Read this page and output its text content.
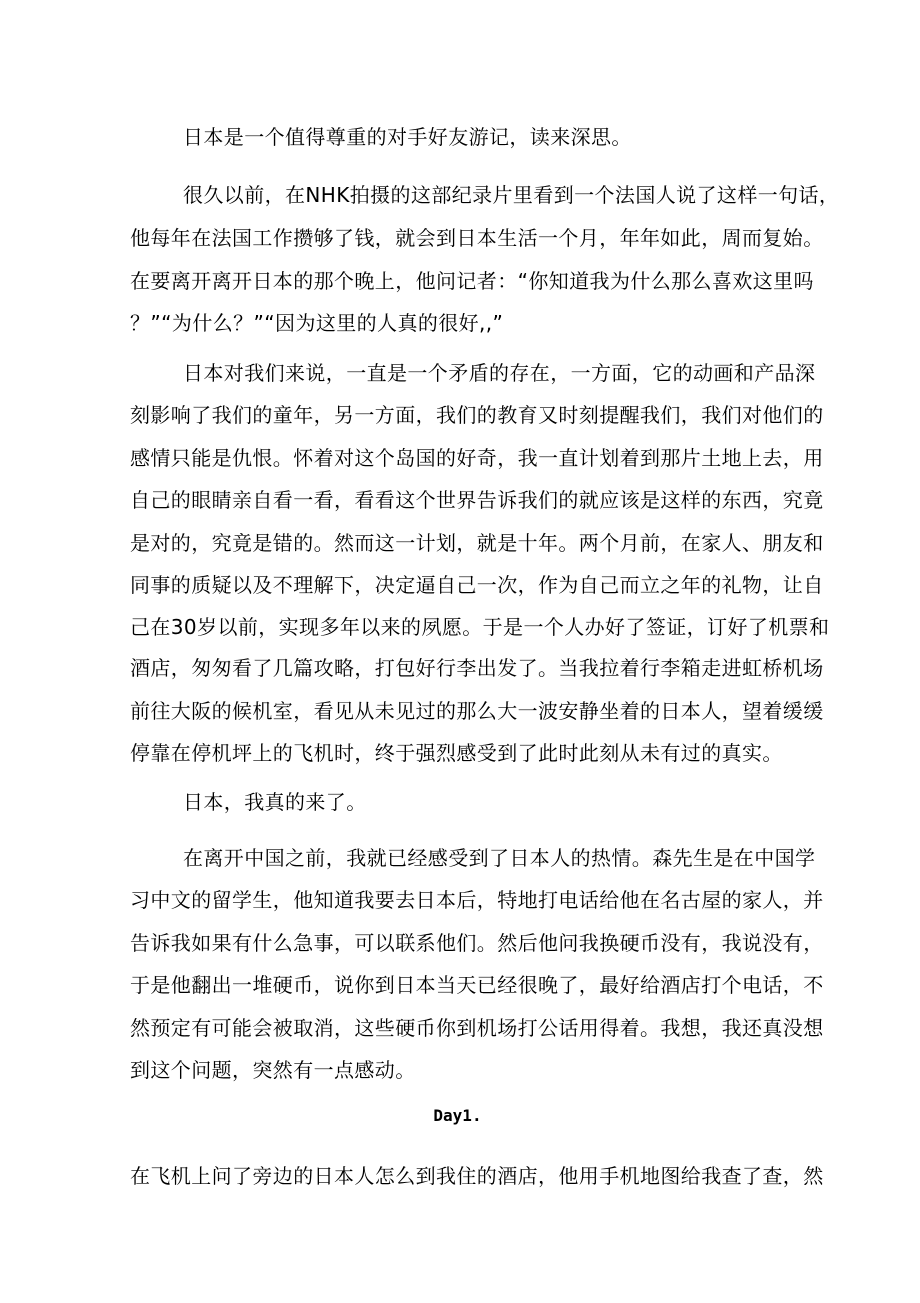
日本是一个值得尊重的对手好友游记，读来深思。
很久以前，在NHK拍摄的这部纪录片里看到一个法国人说了这样一句话，
他每年在法国工作攒够了钱，就会到日本生活一个月，年年如此，周而复始。
在要离开离开日本的那个晚上，他问记者：“你知道我为什么那么喜欢这里吗
？”“为什么？”“因为这里的人真的很好,,”
日本对我们来说，一直是一个矛盾的存在，一方面，它的动画和产品深
刻影响了我们的童年，另一方面，我们的教育又时刻提醒我们，我们对他们的
感情只能是仇恨。怀着对这个岛国的好奇，我一直计划着到那片土地上去，用
自己的眼睛亲自看一看，看看这个世界告诉我们的就应该是这样的东西，究竟
是对的，究竟是错的。然而这一计划，就是十年。两个月前，在家人、朋友和
同事的质疑以及不理解下，决定逼自己一次，作为自己而立之年的礼物，让自
己在30岁以前，实现多年以来的夙愿。于是一个人办好了签证，订好了机票和
酒店，匆匆看了几篇攻略，打包好行李出发了。当我拉着行李箱走进虹桥机场
前往大阪的候机室，看见从未见过的那么大一波安静坐着的日本人，望着缓缓
停靠在停机坪上的飞机时，终于强烈感受到了此时此刻从未有过的真实。
日本，我真的来了。
在离开中国之前，我就已经感受到了日本人的热情。森先生是在中国学
习中文的留学生，他知道我要去日本后，特地打电话给他在名古屋的家人，并
告诉我如果有什么急事，可以联系他们。然后他问我换硬币没有，我说没有，
于是他翻出一堆硬币，说你到日本当天已经很晚了，最好给酒店打个电话，不
然预定有可能会被取消，这些硬币你到机场打公话用得着。我想，我还真没想
到这个问题，突然有一点感动。
Day1.
在飞机上问了旁边的日本人怎么到我住的酒店，他用手机地图给我查了查，然
